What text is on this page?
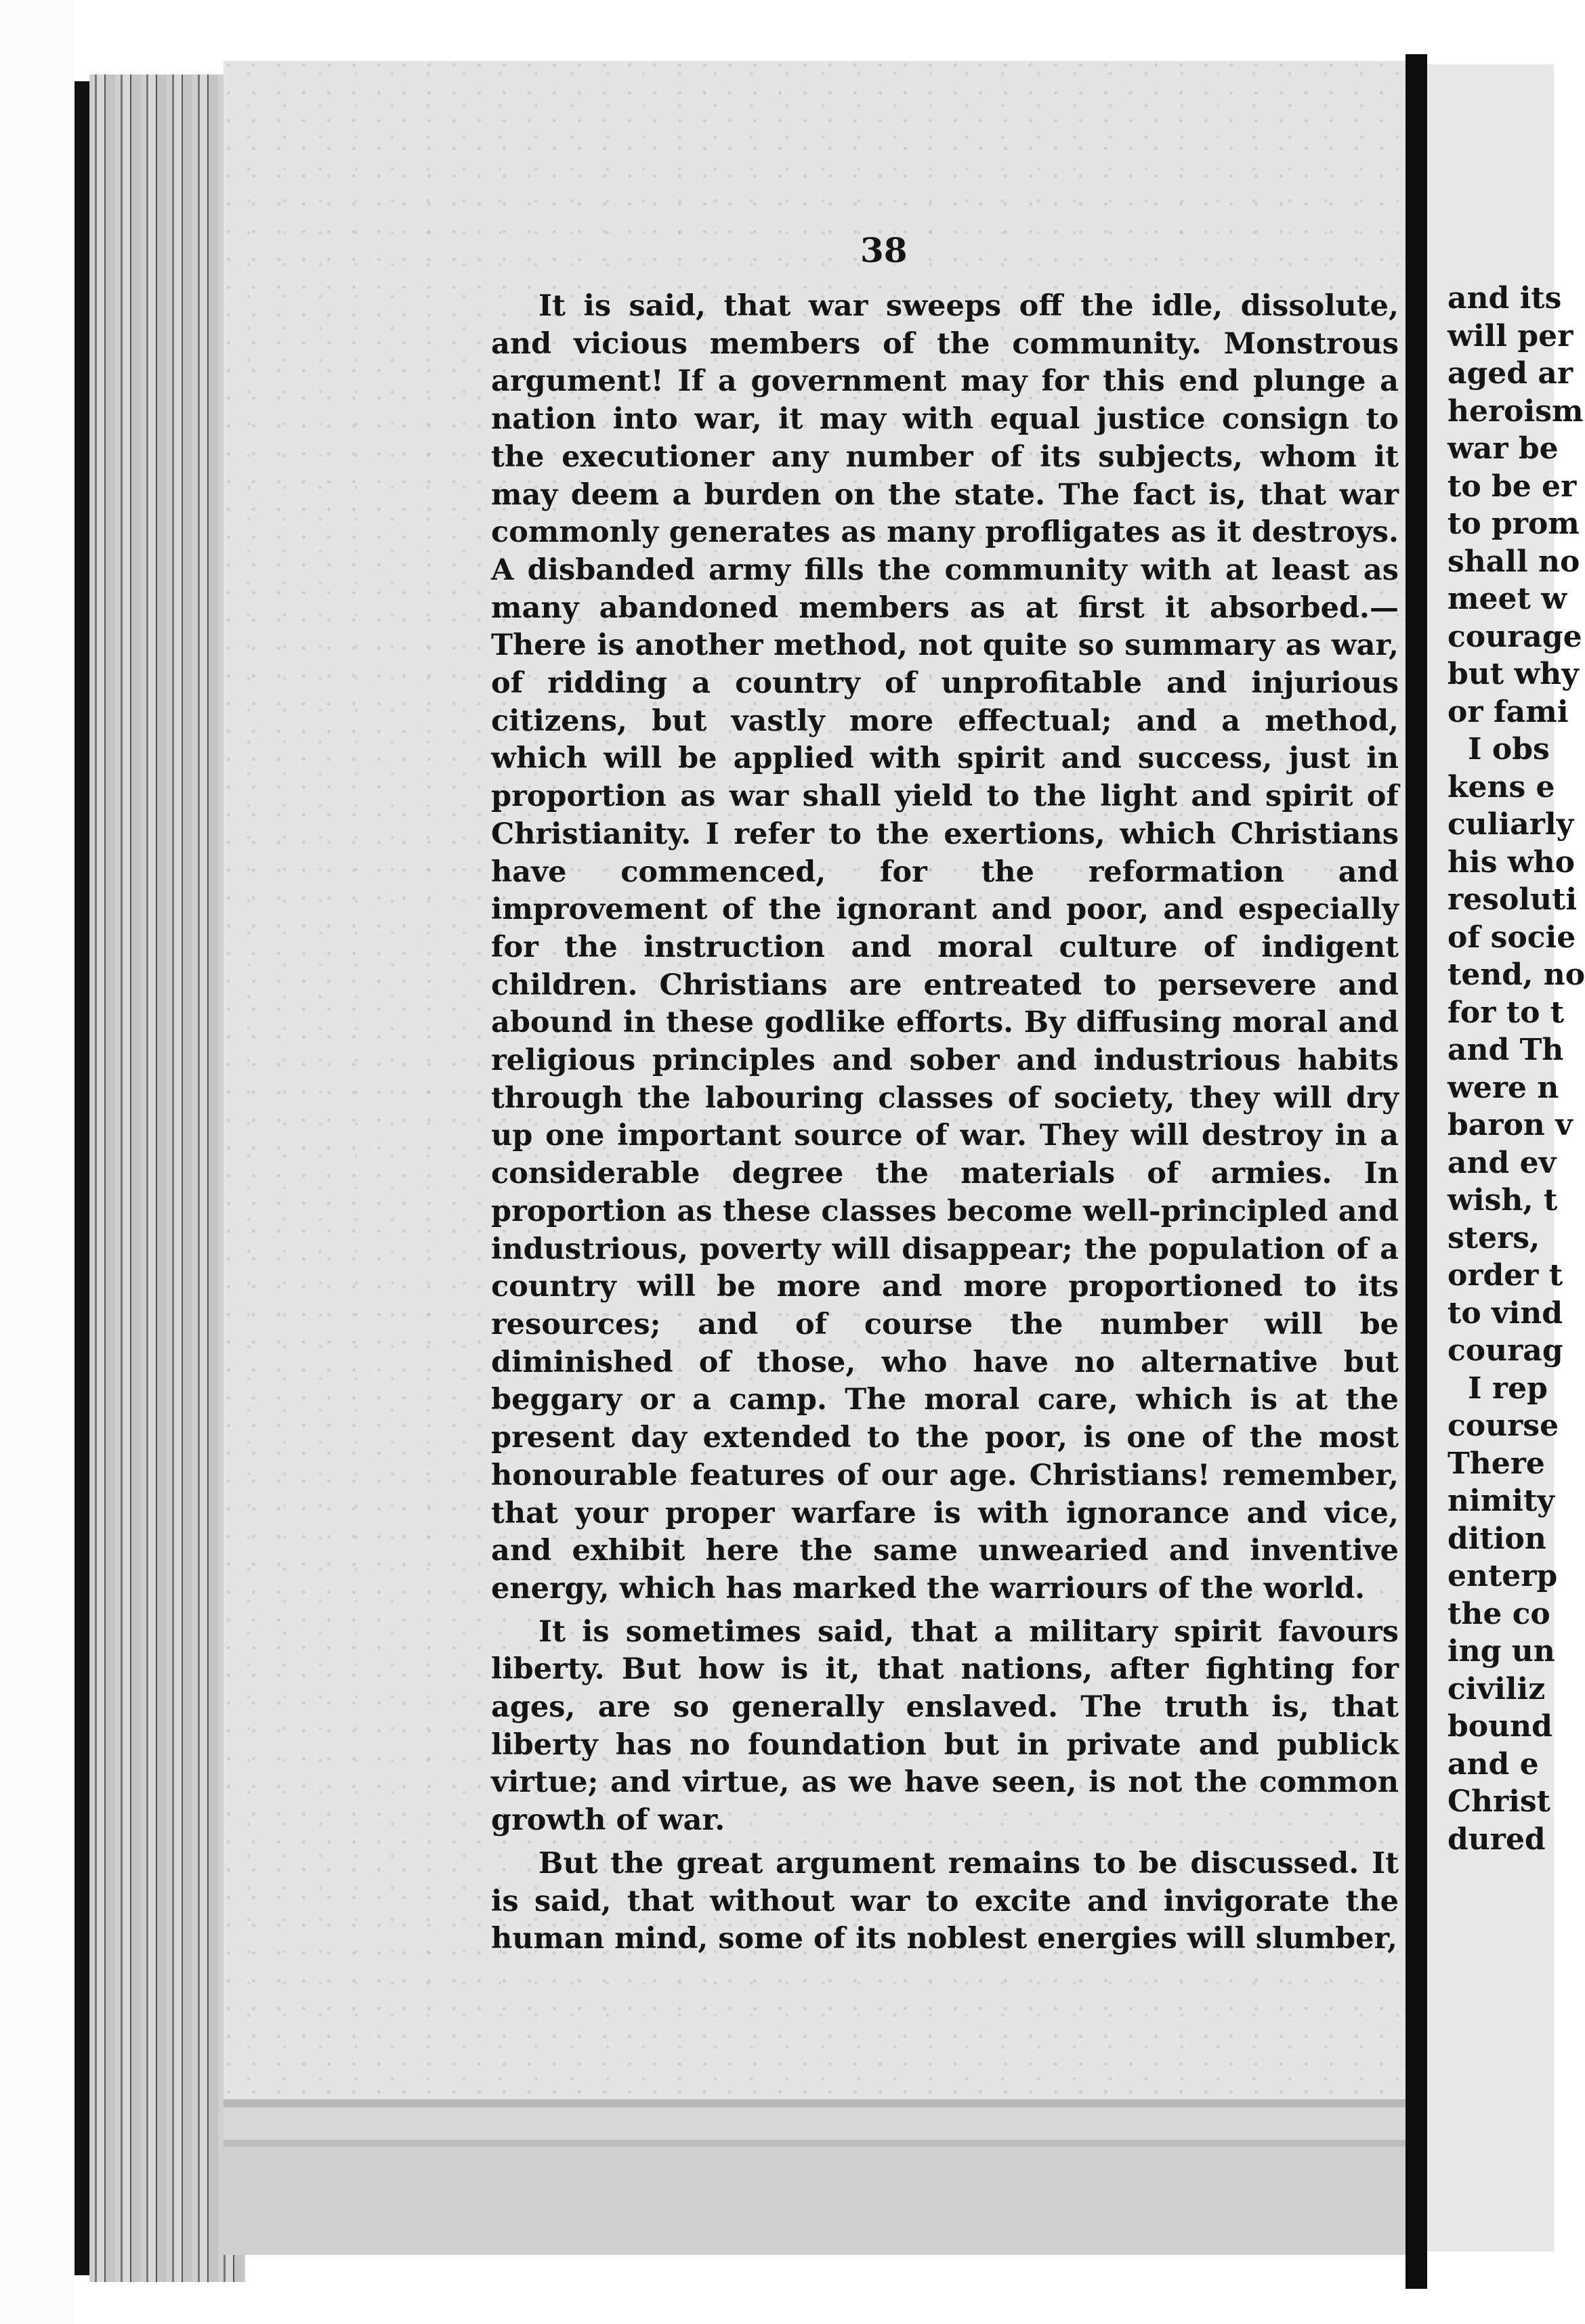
and its

will per

aged ar

heroism

war be

to be er

to prom

shall no

meet w

courage

but why

or fami

I obs

kens e

culiarly

his who

resoluti

of socie

tend, no

for to t

and Th

were n

baron v

and ev

wish, t

sters,

order t

to vind

courag

I rep

course

There

nimity

dition

enterp

the co

ing un

civiliz

bound

and e

Christ

dured

38

It is said, that war sweeps off the idle, dissolute, and vicious members of the community. Monstrous argument! If a government may for this end plunge a nation into war, it may with equal justice consign to the executioner any number of its subjects, whom it may deem a burden on the state. The fact is, that war commonly generates as many profligates as it destroys. A disbanded army fills the community with at least as many abandoned members as at first it absorbed.—There is another method, not quite so summary as war, of ridding a country of unprofitable and injurious citizens, but vastly more effectual; and a method, which will be applied with spirit and success, just in proportion as war shall yield to the light and spirit of Christianity. I refer to the exertions, which Christians have commenced, for the reformation and improvement of the ignorant and poor, and especially for the instruction and moral culture of indigent children. Christians are entreated to persevere and abound in these godlike efforts. By diffusing moral and religious principles and sober and industrious habits through the labouring classes of society, they will dry up one important source of war. They will destroy in a considerable degree the materials of armies. In proportion as these classes become well-principled and industrious, poverty will disappear; the population of a country will be more and more proportioned to its resources; and of course the number will be diminished of those, who have no alternative but beggary or a camp. The moral care, which is at the present day extended to the poor, is one of the most honourable features of our age. Christians! remember, that your proper warfare is with ignorance and vice, and exhibit here the same unwearied and inventive energy, which has marked the warriours of the world.

It is sometimes said, that a military spirit favours liberty. But how is it, that nations, after fighting for ages, are so generally enslaved. The truth is, that liberty has no foundation but in private and publick virtue; and virtue, as we have seen, is not the common growth of war.

But the great argument remains to be discussed. It is said, that without war to excite and invigorate the human mind, some of its noblest energies will slumber,
